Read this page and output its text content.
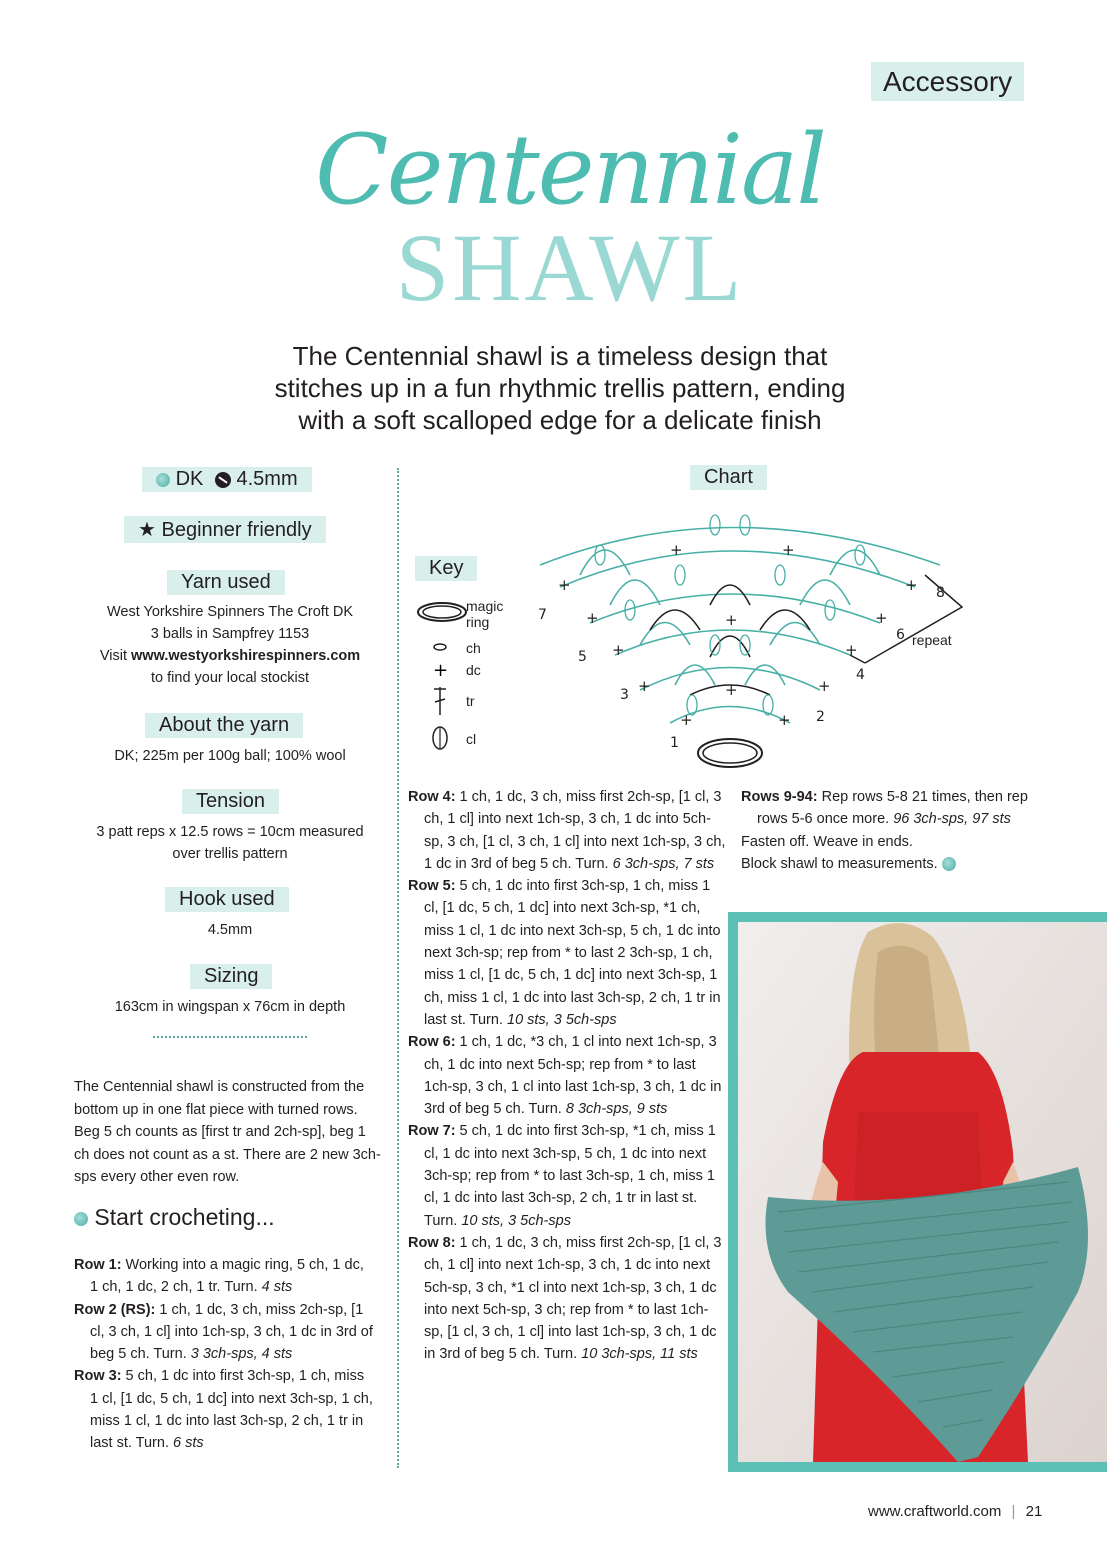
Accessory
Centennial
SHAWL
The Centennial shawl is a timeless design that
stitches up in a fun rhythmic trellis pattern, ending
with a soft scalloped edge for a delicate finish
DK 4.5mm
★ Beginner friendly
Yarn used
West Yorkshire Spinners The Croft DK
3 balls in Sampfrey 1153
Visit www.westyorkshirespinners.com
to find your local stockist
About the yarn
DK; 225m per 100g ball; 100% wool
Tension
3 patt reps x 12.5 rows = 10cm measured
over trellis pattern
Hook used
4.5mm
Sizing
163cm in wingspan x 76cm in depth
The Centennial shawl is constructed from the bottom up in one flat piece with turned rows. Beg 5 ch counts as [first tr and 2ch-sp], beg 1 ch does not count as a st. There are 2 new 3ch-sps every other even row.
Start crocheting...

Row 1: Working into a magic ring, 5 ch, 1 dc, 1 ch, 1 dc, 2 ch, 1 tr. Turn. 4 sts

Row 2 (RS): 1 ch, 1 dc, 3 ch, miss 2ch-sp, [1 cl, 3 ch, 1 cl] into 1ch-sp, 3 ch, 1 dc in 3rd of beg 5 ch. Turn. 3 3ch-sps, 4 sts

Row 3: 5 ch, 1 dc into first 3ch-sp, 1 ch, miss 1 cl, [1 dc, 5 ch, 1 dc] into next 3ch-sp, 1 ch, miss 1 cl, 1 dc into last 3ch-sp, 2 ch, 1 tr in last st. Turn. 6 sts

Chart
Key
+
magic ring
ch
dc
tr
cl
+	+
+	+
+
+	+
+	+
+
+	+
+	+
1
2
3
4
5
6
7
8
repeat

Row 4: 1 ch, 1 dc, 3 ch, miss first 2ch-sp, [1 cl, 3 ch, 1 cl] into next 1ch-sp, 3 ch, 1 dc into 5ch-sp, 3 ch, [1 cl, 3 ch, 1 cl] into next 1ch-sp, 3 ch, 1 dc in 3rd of beg 5 ch. Turn. 6 3ch-sps, 7 sts

Row 5: 5 ch, 1 dc into first 3ch-sp, 1 ch, miss 1 cl, [1 dc, 5 ch, 1 dc] into next 3ch-sp, *1 ch, miss 1 cl, 1 dc into next 3ch-sp, 5 ch, 1 dc into next 3ch-sp; rep from * to last 2 3ch-sp, 1 ch, miss 1 cl, [1 dc, 5 ch, 1 dc] into next 3ch-sp, 1 ch, miss 1 cl, 1 dc into last 3ch-sp, 2 ch, 1 tr in last st. Turn. 10 sts, 3 5ch-sps

Row 6: 1 ch, 1 dc, *3 ch, 1 cl into next 1ch-sp, 3 ch, 1 dc into next 5ch-sp; rep from * to last 1ch-sp, 3 ch, 1 cl into last 1ch-sp, 3 ch, 1 dc in 3rd of beg 5 ch. Turn. 8 3ch-sps, 9 sts

Row 7: 5 ch, 1 dc into first 3ch-sp, *1 ch, miss 1 cl, 1 dc into next 3ch-sp, 5 ch, 1 dc into next 3ch-sp; rep from * to last 3ch-sp, 1 ch, miss 1 cl, 1 dc into last 3ch-sp, 2 ch, 1 tr in last st. Turn. 10 sts, 3 5ch-sps

Row 8: 1 ch, 1 dc, 3 ch, miss first 2ch-sp, [1 cl, 3 ch, 1 cl] into next 1ch-sp, 3 ch, 1 dc into next 5ch-sp, 3 ch, *1 cl into next 1ch-sp, 3 ch, 1 dc into next 5ch-sp, 3 ch; rep from * to last 1ch-sp, [1 cl, 3 ch, 1 cl] into last 1ch-sp, 3 ch, 1 dc in 3rd of beg 5 ch. Turn. 10 3ch-sps, 11 sts

Rows 9-94: Rep rows 5-8 21 times, then rep rows 5-6 once more. 96 3ch-sps, 97 sts

Fasten off. Weave in ends.

Block shawl to measurements.

www.craftworld.com | 21
